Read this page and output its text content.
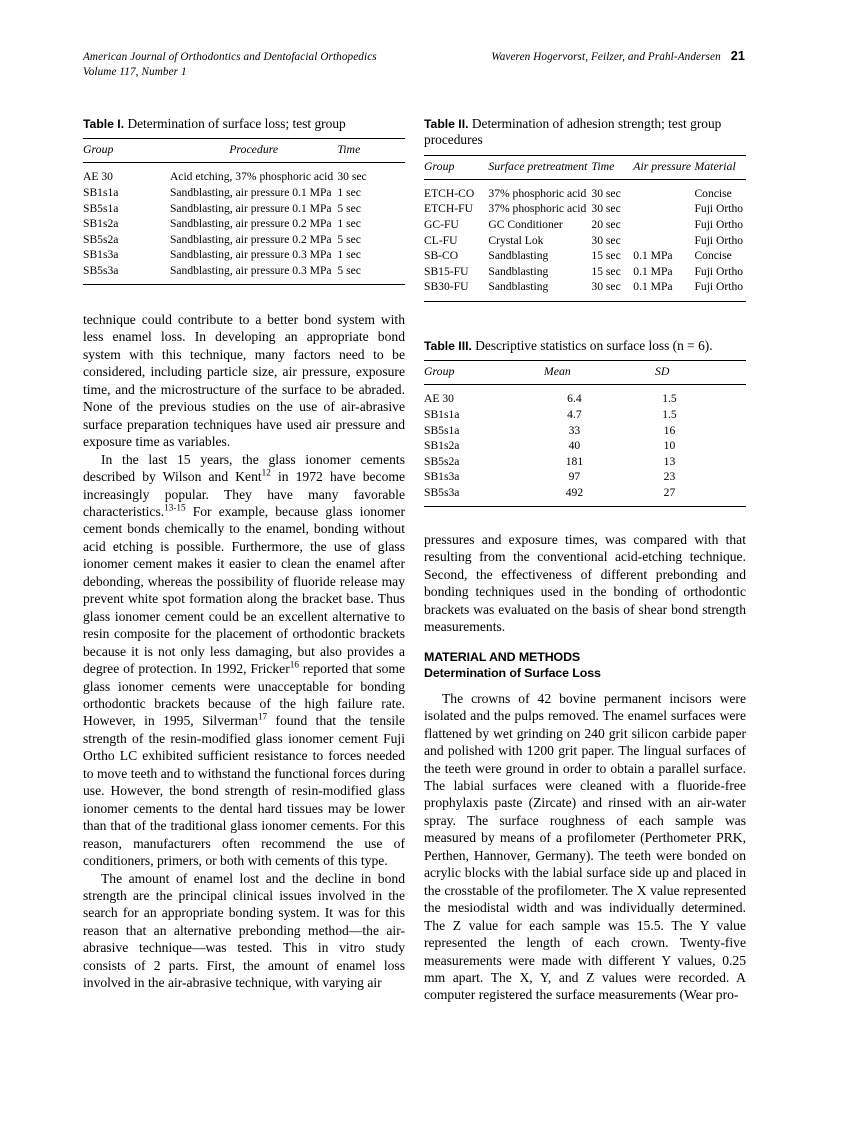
American Journal of Orthodontics and Dentofacial Orthopedics	Waveren Hogervorst, Feilzer, and Prahl-Andersen 21
Volume 117, Number 1
Table I. Determination of surface loss; test group
Group	Procedure	Time
AE 30	Acid etching, 37% phosphoric acid	30 sec
SB1s1a	Sandblasting, air pressure 0.1 MPa	1 sec
SB5s1a	Sandblasting, air pressure 0.1 MPa	5 sec
SB1s2a	Sandblasting, air pressure 0.2 MPa	1 sec
SB5s2a	Sandblasting, air pressure 0.2 MPa	5 sec
SB1s3a	Sandblasting, air pressure 0.3 MPa	1 sec
SB5s3a	Sandblasting, air pressure 0.3 MPa	5 sec

technique could contribute to a better bond system with less enamel loss. In developing an appropriate bond system with this technique, many factors need to be considered, including particle size, air pressure, exposure time, and the microstructure of the surface to be abraded. None of the previous studies on the use of air-abrasive surface preparation techniques have used air pressure and exposure time as variables.

In the last 15 years, the glass ionomer cements described by Wilson and Kent$^{12}$ in 1972 have become increasingly popular. They have many favorable characteristics.$^{13-15}$ For example, because glass ionomer cement bonds chemically to the enamel, bonding without acid etching is possible. Furthermore, the use of glass ionomer cement makes it easier to clean the enamel after debonding, whereas the possibility of fluoride release may prevent white spot formation along the bracket base. Thus glass ionomer cement could be an excellent alternative to resin composite for the placement of orthodontic brackets because it is not only less damaging, but also provides a degree of protection. In 1992, Fricker$^{16}$ reported that some glass ionomer cements were unacceptable for bonding orthodontic brackets because of the high failure rate. However, in 1995, Silverman$^{17}$ found that the tensile strength of the resin-modified glass ionomer cement Fuji Ortho LC exhibited sufficient resistance to forces needed to move teeth and to withstand the functional forces during use. However, the bond strength of resin-modified glass ionomer cements to the dental hard tissues may be lower than that of the traditional glass ionomer cements. For this reason, manufacturers often recommend the use of conditioners, primers, or both with cements of this type.

The amount of enamel lost and the decline in bond strength are the principal clinical issues involved in the search for an appropriate bonding system. It was for this reason that an alternative prebonding method—the air-abrasive technique—was tested. This in vitro study consists of 2 parts. First, the amount of enamel loss involved in the air-abrasive technique, with varying air

Table II. Determination of adhesion strength; test group procedures
Group	Surface pretreatment	Time	Air pressure	Material
ETCH-CO	37% phosphoric acid	30 sec		Concise
ETCH-FU	37% phosphoric acid	30 sec		Fuji Ortho
GC-FU	GC Conditioner	20 sec		Fuji Ortho
CL-FU	Crystal Lok	30 sec		Fuji Ortho
SB-CO	Sandblasting	15 sec	0.1 MPa	Concise
SB15-FU	Sandblasting	15 sec	0.1 MPa	Fuji Ortho
SB30-FU	Sandblasting	30 sec	0.1 MPa	Fuji Ortho
Table III. Descriptive statistics on surface loss (n = 6).
Group	Mean	SD
AE 30	6.4	1.5
SB1s1a	4.7	1.5
SB5s1a	33	16
SB1s2a	40	10
SB5s2a	181	13
SB1s3a	97	23
SB5s3a	492	27

pressures and exposure times, was compared with that resulting from the conventional acid-etching technique. Second, the effectiveness of different prebonding and bonding techniques used in the bonding of orthodontic brackets was evaluated on the basis of shear bond strength measurements.

MATERIAL AND METHODS
Determination of Surface Loss

The crowns of 42 bovine permanent incisors were isolated and the pulps removed. The enamel surfaces were flattened by wet grinding on 240 grit silicon carbide paper and polished with 1200 grit paper. The lingual surfaces of the teeth were ground in order to obtain a parallel surface. The labial surfaces were cleaned with a fluoride-free prophylaxis paste (Zircate) and rinsed with an air-water spray. The surface roughness of each sample was measured by means of a profilometer (Perthometer PRK, Perthen, Hannover, Germany). The teeth were bonded on acrylic blocks with the labial surface side up and placed in the crosstable of the profilometer. The X value represented the mesiodistal width and was individually determined. The Z value for each sample was 15.5. The Y value represented the length of each crown. Twenty-five measurements were made with different Y values, 0.25 mm apart. The X, Y, and Z values were recorded. A computer registered the surface measurements (Wear pro-
